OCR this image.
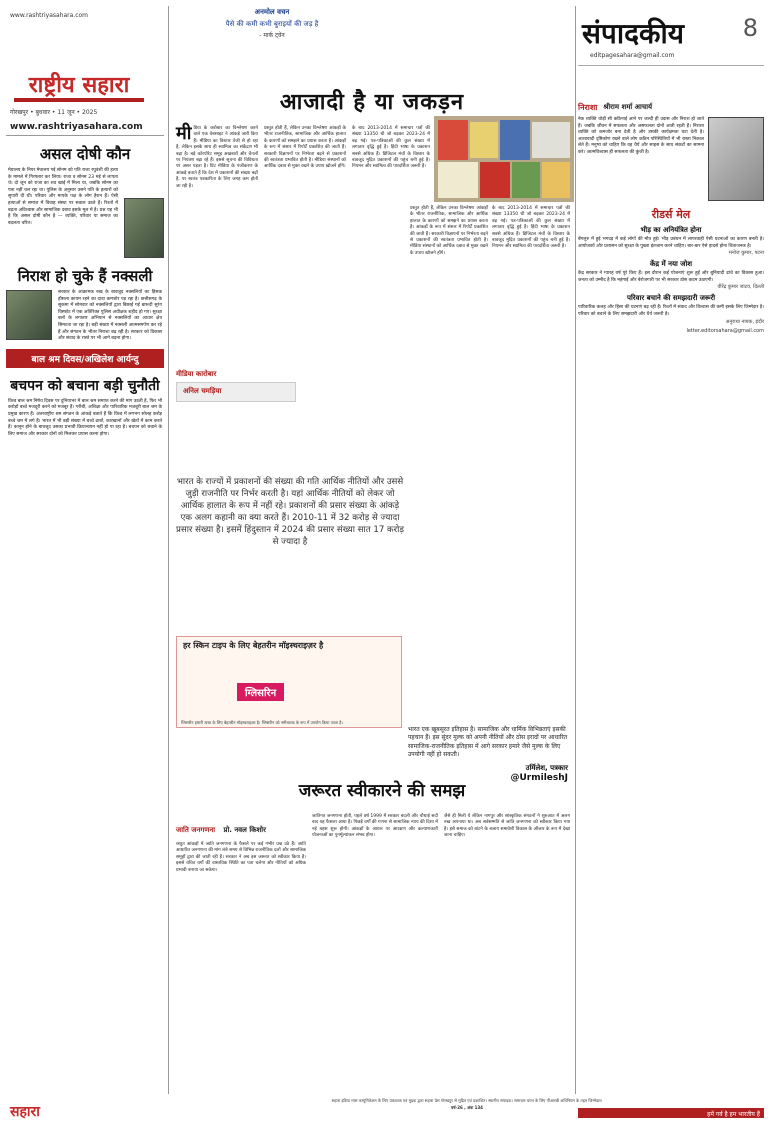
www.rashtriyasahara.com
राष्ट्रीय सहारा
गोरखपुर • बुधवार • 11 जून • 2025
www.rashtriyasahara.com
असल दोषी कौन

मेघालय के नियर मेघालय गई सोनम को पति राजा रघुवंशी की हत्या के मामले में गिरफ्तार कर लिया। राजा व सोनम 23 मई से लापता थे। दो जून को राजा का शव खाई में मिला था, जबकि सोनम का पता नहीं चल रहा था। पुलिस के अनुसार उसने पति के हत्यारों को सुपारी दी थी। परिवार और मायके पक्ष के लोग हैरान हैं। ऐसी हत्याओं से समाज में विवाह संस्था पर सवाल उठते हैं। रिश्तों में बढ़ता अविश्वास और सामाजिक दबाव इसके मूल में है। प्रश्न यह भी है कि असल दोषी कौन है — व्यक्ति, परिवार या समाज का बदलता चरित्र।

निराश हो चुके हैं नक्सली

सरकार के आक्रामक रुख के बावजूद नक्सलियों का हिंसक हौसला कायम रहने का दावा कमजोर पड़ रहा है। छत्तीसगढ़ के सुकमा में सोमवार को नक्सलियों द्वारा बिछाई गई बारूदी सुरंग विस्फोट में एक अतिरिक्त पुलिस अधीक्षक शहीद हो गए। सुरक्षा बलों के लगातार अभियान से नक्सलियों का आधार क्षेत्र सिमटता जा रहा है। बड़ी संख्या में नक्सली आत्मसमर्पण कर रहे हैं और संगठन के भीतर निराशा बढ़ रही है। सरकार को विकास और संवाद के रास्ते पर भी आगे बढ़ना होगा।

बाल श्रम दिवस/अखिलेश आर्यन्दु
बचपन को बचाना बड़ी चुनौती

विश्व बाल श्रम निषेध दिवस पर दुनियाभर में बाल श्रम समाप्त करने की मांग उठती है, फिर भी करोड़ों बच्चे मजदूरी करने को मजबूर हैं। गरीबी, अशिक्षा और पारिवारिक मजबूरी बाल श्रम के प्रमुख कारण हैं। अंतरराष्ट्रीय श्रम संगठन के आंकड़े बताते हैं कि विश्व में लगभग सोलह करोड़ बच्चे श्रम में लगे हैं। भारत में भी बड़ी संख्या में बच्चे ढाबों, कारखानों और खेतों में काम करते हैं। कानून होने के बावजूद उसका प्रभावी क्रियान्वयन नहीं हो पा रहा है। बचपन को बचाने के लिए समाज और सरकार दोनों को मिलकर प्रयास करना होगा।

सहारा
अनमोल वचन
पैसे की कमी कभी बुराइयों की जड़ है
- मार्क ट्वेन
आजादी है या जकड़न
मी डिया के करोबार का विश्लेषण करने वाले एक वेबसाइट ने आंकड़े जारी किए हैं। मीडिया का विस्तार तेजी से हो रहा है, लेकिन इसके साथ ही स्वामित्व का संकेंद्रण भी बढ़ा है। बड़े कॉरपोरेट समूह अखबारों और चैनलों पर नियंत्रण बढ़ा रहे हैं। इससे सूचना की विविधता पर असर पड़ता है। प्रिंट मीडिया के पंजीकरण के आंकड़े बताते हैं कि देश में प्रकाशनों की संख्या बढ़ी है, पर स्वतंत्र पत्रकारिता के लिए जगह कम होती जा रही है।

प्रस्तुत होती हैं, लेकिन उनका विश्लेषण आंकड़ों के भीतर राजनीतिक, सामाजिक और आर्थिक हालात के कारणों को समझने का प्रयास करता है। आंकड़ों के रूप में संसार में रिपोर्टें प्रकाशित की जाती हैं। सरकारी विज्ञापनों पर निर्भरता बढ़ने से प्रकाशनों की स्वतंत्रता प्रभावित होती है। मीडिया संस्थानों को आर्थिक दबाव से मुक्त रखने के उपाय खोजने होंगे।

के बाद 2013-2014 में समाचार पत्रों की संख्या 13350 थी जो बढ़कर 2023-24 में बढ़ गई। पत्र-पत्रिकाओं की कुल संख्या में लगातार वृद्धि हुई है। हिंदी भाषा के प्रकाशन सबसे अधिक हैं। डिजिटल मंचों के विस्तार के बावजूद मुद्रित प्रकाशनों की पहुंच बनी हुई है। नियमन और स्वामित्व की पारदर्शिता जरूरी है।

मीडिया कारोबार
अनिल चमड़िया

भारत के राज्यों में प्रकाशनों की संख्या की गति आर्थिक नीतियों और उससे जुड़ी राजनीति पर निर्भर करती है। यहां आर्थिक नीतियों को लेकर जो आर्थिक हालात के रूप में नहीं रहे। प्रकाशनों की प्रसार संख्या के आंकड़े एक अलग कहानी का क्या करते हैं। 2010-11 में 32 करोड़ से ज्यादा प्रसार संख्या है। इसमें हिंदुस्तान में 2024 की प्रसार संख्या सात 17 करोड़ से ज्यादा है

प्रस्तुत होती हैं, लेकिन उनका विश्लेषण आंकड़ों के भीतर राजनीतिक, सामाजिक और आर्थिक हालात के कारणों को समझने का प्रयास करता है। आंकड़ों के रूप में संसार में रिपोर्टें प्रकाशित की जाती हैं। सरकारी विज्ञापनों पर निर्भरता बढ़ने से प्रकाशनों की स्वतंत्रता प्रभावित होती है। मीडिया संस्थानों को आर्थिक दबाव से मुक्त रखने के उपाय खोजने होंगे।

के बाद 2013-2014 में समाचार पत्रों की संख्या 13350 थी जो बढ़कर 2023-24 में बढ़ गई। पत्र-पत्रिकाओं की कुल संख्या में लगातार वृद्धि हुई है। हिंदी भाषा के प्रकाशन सबसे अधिक हैं। डिजिटल मंचों के विस्तार के बावजूद मुद्रित प्रकाशनों की पहुंच बनी हुई है। नियमन और स्वामित्व की पारदर्शिता जरूरी है।

हर स्किन टाइप के लिए बेहतरीन मॉइस्चराइज़र है
ग्लिसरिन
ग्लिसरीन हमारी त्वचा के लिए बेहतरीन मॉइस्चराइज़र है। ग्लिसरीन को नमीधारक के रूप में उपयोग किया जाता है।

भारत एक खूबसूरत इतिहास है। सामाजिक और धार्मिक विभिन्नताएं इसकी पहचान हैं। इस सुंदर मुल्क को अपनी नीतियों और ठोस इरादों पर आधारित सामाजिक-राजनीतिक इतिहास में आगे सरकार हमारे जैसे मुल्क के लिए उपयोगी नहीं हो सकती।

उर्मिलेश, पत्रकार
@UrmileshJ
जरूरत स्वीकारने की समझ
जाति जनगणना प्रो. नवल किशोर

रस्तुत आंकड़ों में जाति जनगणना के फैसले पर कई गंभीर प्रश्न उठे हैं। जाति आधारित जनगणना की मांग लंबे समय से विभिन्न राजनीतिक दलों और सामाजिक समूहों द्वारा की जाती रही है। सरकार ने अब इस जरूरत को स्वीकार किया है। इससे वंचित वर्गों की वास्तविक स्थिति का पता चलेगा और नीतियों को अधिक प्रभावी बनाया जा सकेगा।

जातिगत जनगणना होती, पहले वर्ष 1999 में सरकार बदली और चौथाई सदी बाद यह फैसला आया है। पिछड़े वर्गों की गणना से सामाजिक न्याय की दिशा में नई बहस शुरू होगी। आंकड़ों के आधार पर आरक्षण और कल्याणकारी योजनाओं का पुनर्मूल्यांकन संभव होगा।

जैसे ही मिली ये लेकिन नागपुर और सांस्कृतिक संगठनों ने शुरुआत में अलग रुख अपनाया था। अब सर्वसम्मति से जाति जनगणना को स्वीकार किया गया है। इसे समाज को बांटने के बजाय समावेशी विकास के औजार के रूप में देखा जाना चाहिए।

संपादकीय 8
editpagesahara@gmail.com
निराशा श्रीराम शर्मा आचार्य

नेक व्यक्ति थोड़ी सी कठिनाई आने पर जल्दी ही उदास और निराश हो जाते हैं। जबकि जीवन में सफलता और असफलता दोनों आती रहती हैं। निराशा व्यक्ति को कमजोर बना देती है और उसकी कार्यक्षमता घटा देती है। आशावादी दृष्टिकोण रखने वाले लोग कठिन परिस्थितियों में भी रास्ता निकाल लेते हैं। मनुष्य को चाहिए कि वह धैर्य और साहस के साथ संकटों का सामना करे। आत्मविश्वास ही सफलता की कुंजी है।

रीडर्स मेल
भीड़ का अनियंत्रित होना

बेंगलुरु में हुई भगदड़ में कई लोगों की मौत हुई। भीड़ प्रबंधन में लापरवाही ऐसी घटनाओं का कारण बनती है। आयोजकों और प्रशासन को सुरक्षा के पुख्ता इंतजाम करने चाहिए। बार-बार ऐसे हादसे होना चिंताजनक है।

मनोज कुमार, पटना
केंद्र में नया जोश

केंद्र सरकार ने ग्यारह वर्ष पूरे किए हैं। इस दौरान कई योजनाएं शुरू हुईं और बुनियादी ढांचे का विकास हुआ। जनता को उम्मीद है कि महंगाई और बेरोजगारी पर भी सरकार ठोस कदम उठाएगी।

वीरेंद्र कुमार जाटव, दिल्ली
परिवार बचाने की समझदारी जरूरी

पारिवारिक कलह और हिंसा की घटनाएं बढ़ रही हैं। रिश्तों में संवाद और विश्वास की कमी इसके लिए जिम्मेदार है। परिवार को बचाने के लिए समझदारी और धैर्य जरूरी है।

अनुराधा नायक, इंदौर
letter.editorsahara@gmail.com
हमें गर्व है हम भारतीय हैं
सहारा इंडिया मास कम्युनिकेशन के लिए प्रकाशक एवं मुद्रक द्वारा सहारा प्रेस गोरखपुर से मुद्रित एवं प्रकाशित। स्थानीय संपादक। समाचार चयन के लिए पीआरबी अधिनियम के तहत जिम्मेदार।
वर्ष-26 , अंक 134
